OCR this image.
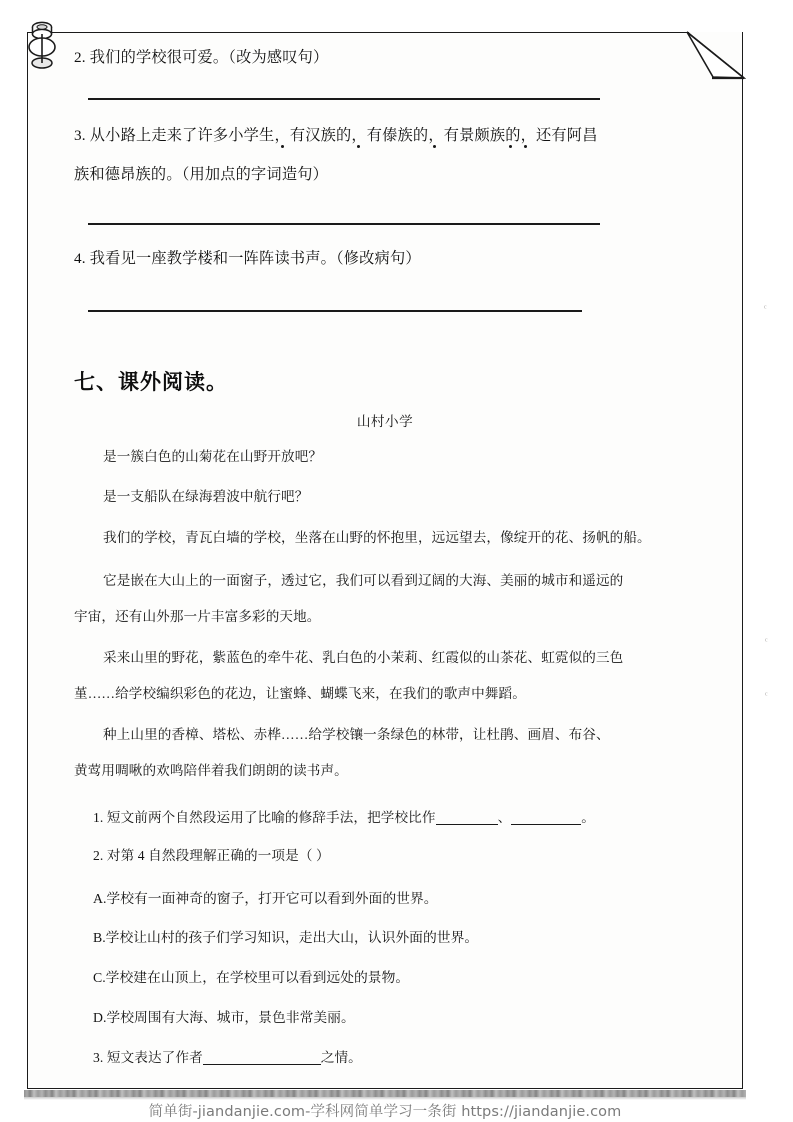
2. 我们的学校很可爱。（改为感叹句）
3. 从小路上走来了许多小学生，有汉族的，有傣族的，有景颇族的，还有阿昌
族和德昂族的。（用加点的字词造句）
4. 我看见一座教学楼和一阵阵读书声。（修改病句）
七、课外阅读。
山村小学
是一簇白色的山菊花在山野开放吧？
是一支船队在绿海碧波中航行吧？
我们的学校，青瓦白墙的学校，坐落在山野的怀抱里，远远望去，像绽开的花、扬帆的船。
它是嵌在大山上的一面窗子，透过它，我们可以看到辽阔的大海、美丽的城市和遥远的
宇宙，还有山外那一片丰富多彩的天地。
采来山里的野花，紫蓝色的牵牛花、乳白色的小茉莉、红霞似的山茶花、虹霓似的三色
堇……给学校编织彩色的花边，让蜜蜂、蝴蝶飞来，在我们的歌声中舞蹈。
种上山里的香樟、塔松、赤桦……给学校镶一条绿色的林带，让杜鹃、画眉、布谷、
黄莺用啁啾的欢鸣陪伴着我们朗朗的读书声。
1. 短文前两个自然段运用了比喻的修辞手法，把学校比作	、	。
2. 对第 4 自然段理解正确的一项是（ ）
A.学校有一面神奇的窗子，打开它可以看到外面的世界。
B.学校让山村的孩子们学习知识，走出大山，认识外面的世界。
C.学校建在山顶上，在学校里可以看到远处的景物。
D.学校周围有大海、城市，景色非常美丽。
3. 短文表达了作者	之情。
简单街-jiandanjie.com-学科网简单学习一条街 https://jiandanjie.com
ᶜ
ᶜ
ᶜ
